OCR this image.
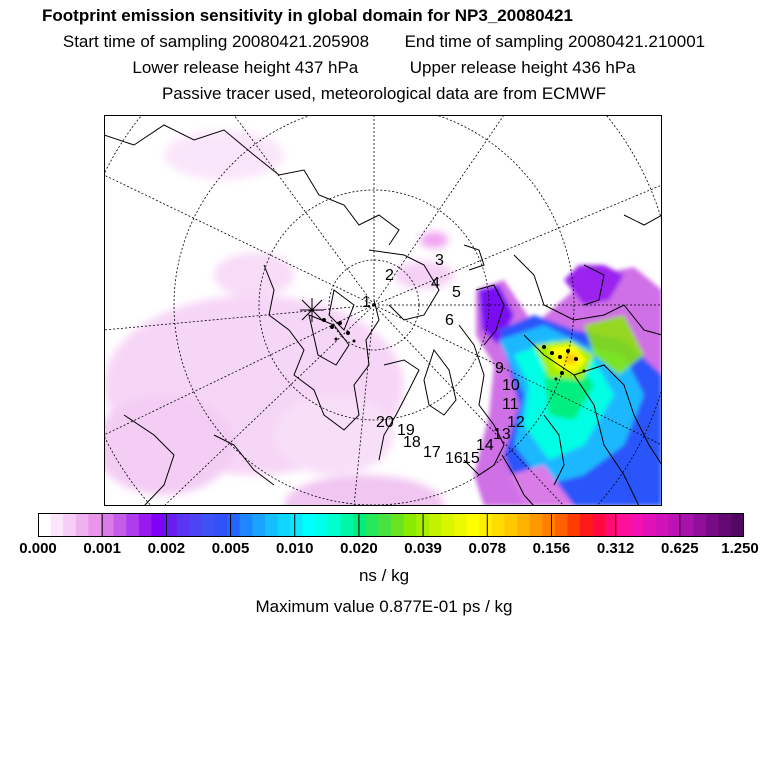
Footprint emission sensitivity in global domain for NP3_20080421
Start time of sampling 20080421.205908 End time of sampling 20080421.210001
Lower release height 437 hPa	Upper release height 436 hPa
Passive tracer used, meteorological data are from ECMWF
1
2
3
4
5
6
9
10
11
12
13
14
15
16
17
18
19
20
0.000 0.001 0.002 0.005 0.010 0.020 0.039 0.078 0.156 0.312 0.625 1.250
ns / kg
Maximum value 0.877E-01 ps / kg
